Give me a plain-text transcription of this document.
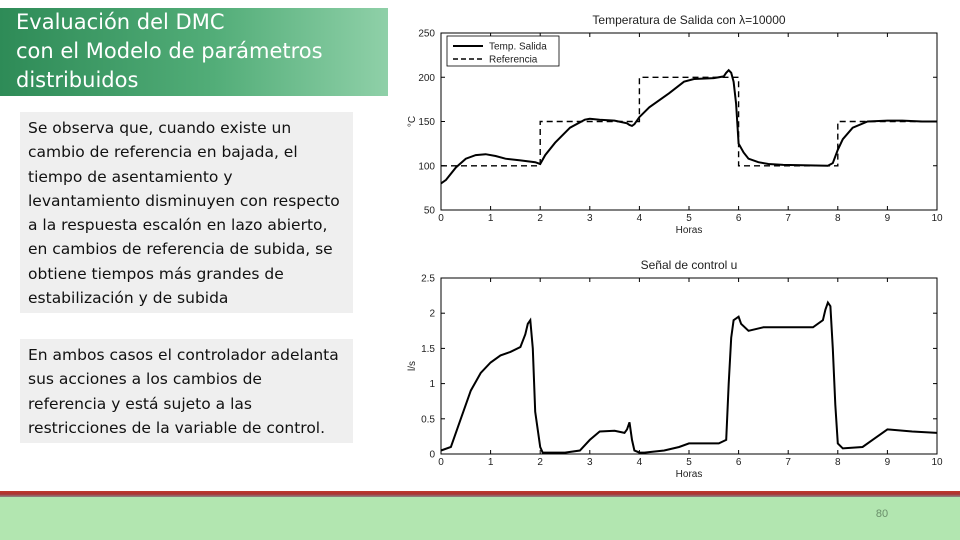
Evaluación del DMC
con el Modelo de parámetros
distribuidos
Se observa que, cuando existe un cambio de referencia en bajada, el tiempo de asentamiento y levantamiento disminuyen con respecto a la respuesta escalón en lazo abierto, en cambios de referencia de subida, se obtiene tiempos más grandes de estabilización y de subida
En ambos casos el controlador adelanta sus acciones a los cambios de referencia y está sujeto a las restricciones de la variable de control.
Temperatura de Salida con λ=10000
0	1	2	3	4	5	6	7	8	9	10
50
100
150
200
250
Horas
°C
Temp. Salida
Referencia
Señal de control u
0	1	2	3	4	5	6	7	8	9	10
0
0.5
1
1.5
2
2.5
Horas
l/s
80
